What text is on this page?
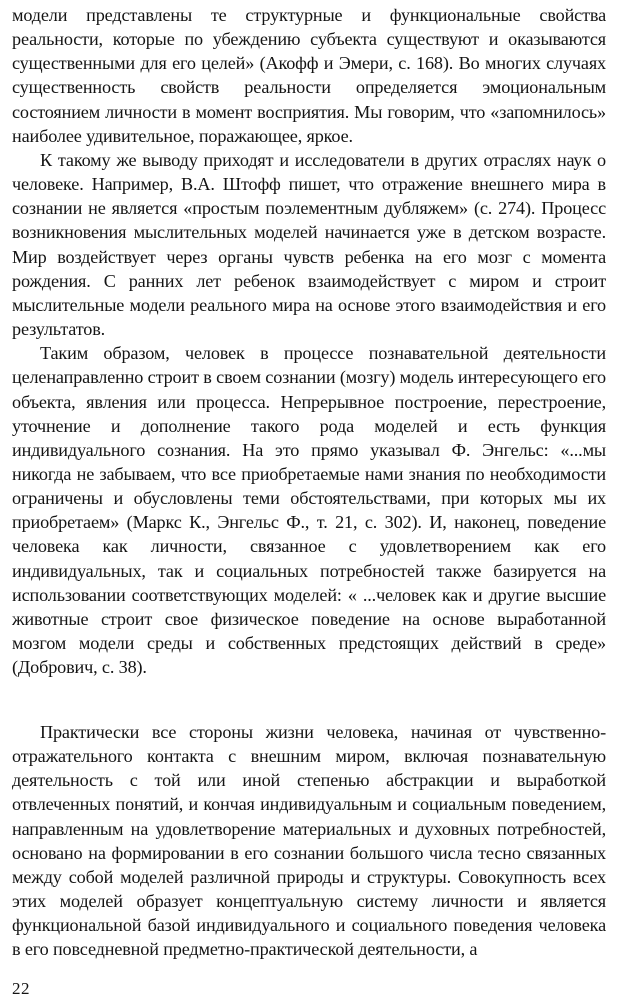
модели представлены те структурные и функциональные свойства реальности, которые по убеждению субъекта существуют и оказываются существенными для его целей» (Акофф и Эмери, с. 168). Во многих случаях существенность свойств реальности определяется эмоциональным состоянием личности в момент восприятия. Мы говорим, что «запомнилось» наиболее удивительное, поражающее, яркое.

К такому же выводу приходят и исследователи в других отраслях наук о человеке. Например, В.А. Штофф пишет, что отражение внешнего мира в сознании не является «простым поэлементным дубляжем» (с. 274). Процесс возникновения мыслительных моделей начинается уже в детском возрасте. Мир воздействует через органы чувств ребенка на его мозг с момента рождения. С ранних лет ребенок взаимодействует с миром и строит мыслительные модели реального мира на основе этого взаимодействия и его результатов.

Таким образом, человек в процессе познавательной деятельности целенаправленно строит в своем сознании (мозгу) модель интересующего его объекта, явления или процесса. Непрерывное построение, перестроение, уточнение и дополнение такого рода моделей и есть функция индивидуального сознания. На это прямо указывал Ф. Энгельс: «...мы никогда не забываем, что все приобретаемые нами знания по необходимости ограничены и обусловлены теми обстоятельствами, при которых мы их приобретаем» (Маркс К., Энгельс Ф., т. 21, с. 302). И, наконец, поведение человека как личности, связанное с удовлетворением как его индивидуальных, так и социальных потребностей также базируется на использовании соответствующих моделей: « ...человек как и другие высшие животные строит свое физическое поведение на основе выработанной мозгом модели среды и собственных предстоящих действий в среде» (Добрович, с. 38).

Практически все стороны жизни человека, начиная от чувственно-отражательного контакта с внешним миром, включая познавательную деятельность с той или иной степенью абстракции и выработкой отвлеченных понятий, и кончая индивидуальным и социальным поведением, направленным на удовлетворение материальных и духовных потребностей, основано на формировании в его сознании большого числа тесно связанных между собой моделей различной природы и структуры. Совокупность всех этих моделей образует концептуальную систему личности и является функциональной базой индивидуального и социального поведения человека в его повседневной предметно-практической деятельности, а

22
